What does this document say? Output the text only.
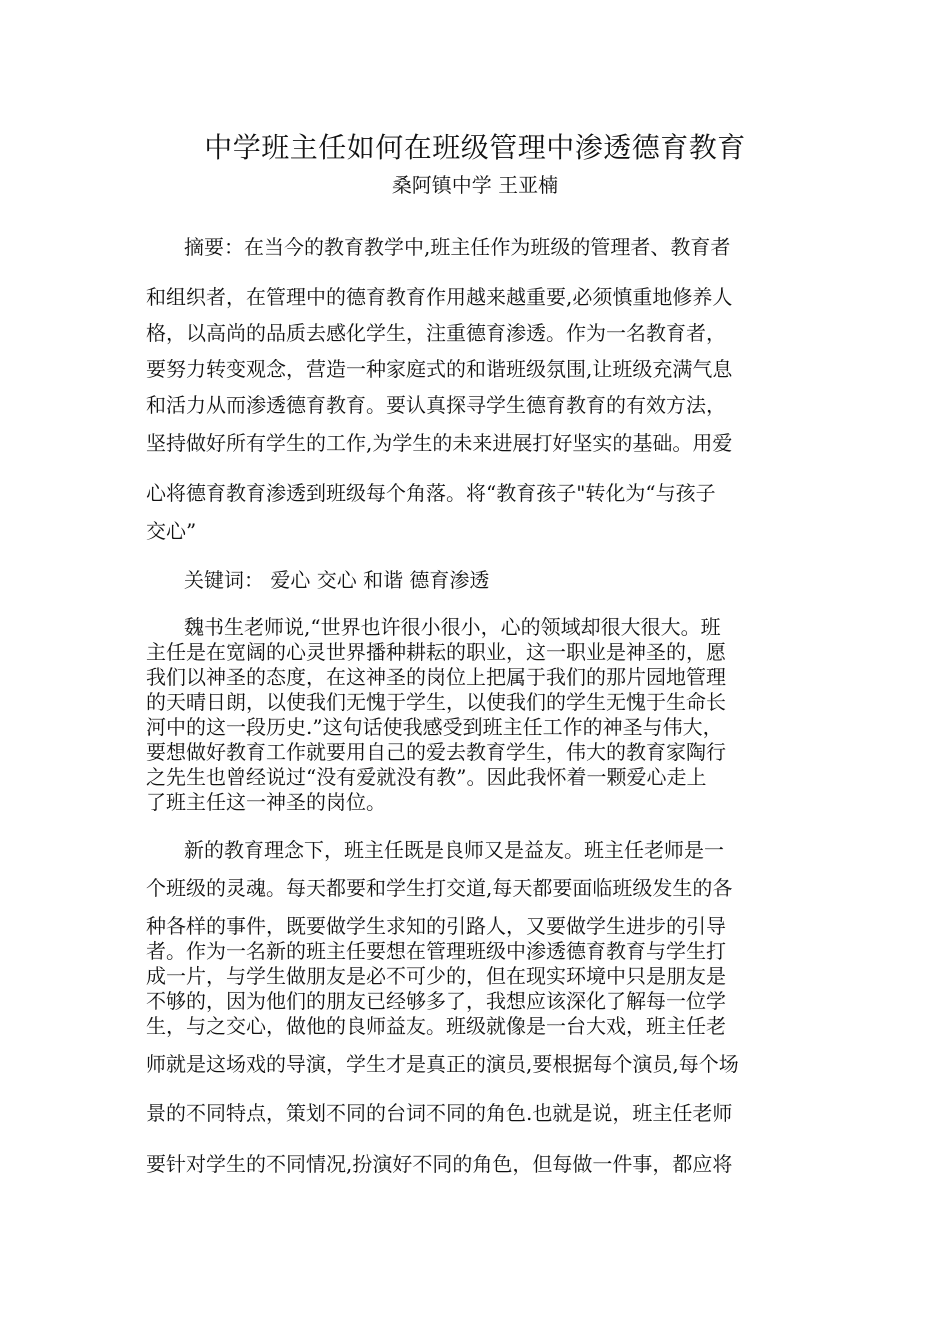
中学班主任如何在班级管理中渗透德育教育
桑阿镇中学 王亚楠
摘要：在当今的教育教学中,班主任作为班级的管理者、教育者
和组织者，在管理中的德育教育作用越来越重要,必须慎重地修养人
格，以高尚的品质去感化学生，注重德育渗透。作为一名教育者，
要努力转变观念，营造一种家庭式的和谐班级氛围,让班级充满气息
和活力从而渗透德育教育。要认真探寻学生德育教育的有效方法，
坚持做好所有学生的工作,为学生的未来进展打好坚实的基础。用爱
心将德育教育渗透到班级每个角落。将“教育孩子"转化为“与孩子
交心”
关键词： 爱心 交心 和谐 德育渗透
魏书生老师说,“世界也许很小很小，心的领域却很大很大。班
主任是在宽阔的心灵世界播种耕耘的职业，这一职业是神圣的，愿
我们以神圣的态度，在这神圣的岗位上把属于我们的那片园地管理
的天晴日朗，以使我们无愧于学生，以使我们的学生无愧于生命长
河中的这一段历史.”这句话使我感受到班主任工作的神圣与伟大，
要想做好教育工作就要用自己的爱去教育学生，伟大的教育家陶行
之先生也曾经说过“没有爱就没有教”。因此我怀着一颗爱心走上
了班主任这一神圣的岗位。
新的教育理念下，班主任既是良师又是益友。班主任老师是一
个班级的灵魂。每天都要和学生打交道,每天都要面临班级发生的各
种各样的事件，既要做学生求知的引路人，又要做学生进步的引导
者。作为一名新的班主任要想在管理班级中渗透德育教育与学生打
成一片，与学生做朋友是必不可少的，但在现实环境中只是朋友是
不够的，因为他们的朋友已经够多了，我想应该深化了解每一位学
生，与之交心，做他的良师益友。班级就像是一台大戏，班主任老
师就是这场戏的导演，学生才是真正的演员,要根据每个演员,每个场
景的不同特点，策划不同的台词不同的角色.也就是说，班主任老师
要针对学生的不同情况,扮演好不同的角色，但每做一件事，都应将
